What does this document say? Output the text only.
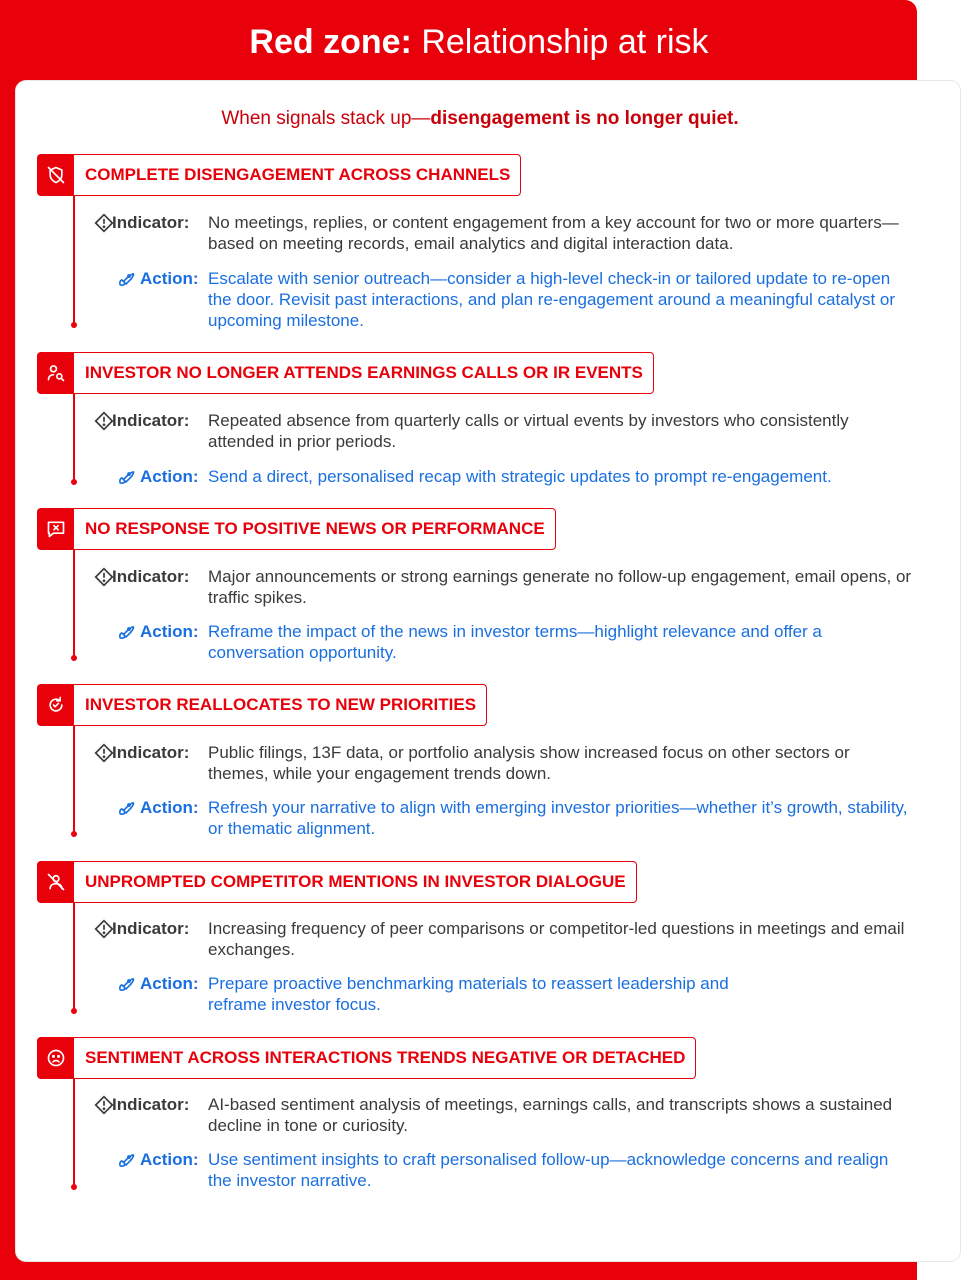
Red zone: Relationship at risk
When signals stack up—disengagement is no longer quiet.
COMPLETE DISENGAGEMENT ACROSS CHANNELS
Indicator:	No meetings, replies, or content engagement from a key account for two or more quarters—based on meeting records, email analytics and digital interaction data.
Action: Escalate with senior outreach—consider a high-level check-in or tailored update to re-open the door. Revisit past interactions, and plan re-engagement around a meaningful catalyst or upcoming milestone.
INVESTOR NO LONGER ATTENDS EARNINGS CALLS OR IR EVENTS
Indicator:	Repeated absence from quarterly calls or virtual events by investors who consistently attended in prior periods.
Action: Send a direct, personalised recap with strategic updates to prompt re-engagement.
NO RESPONSE TO POSITIVE NEWS OR PERFORMANCE
Indicator:	Major announcements or strong earnings generate no follow-up engagement, email opens, or traffic spikes.
Action: Reframe the impact of the news in investor terms—highlight relevance and offer a conversation opportunity.
INVESTOR REALLOCATES TO NEW PRIORITIES
Indicator:	Public filings, 13F data, or portfolio analysis show increased focus on other sectors or themes, while your engagement trends down.
Action: Refresh your narrative to align with emerging investor priorities—whether it’s growth, stability, or thematic alignment.
UNPROMPTED COMPETITOR MENTIONS IN INVESTOR DIALOGUE
Indicator:	Increasing frequency of peer comparisons or competitor-led questions in meetings and email exchanges.
Action: Prepare proactive benchmarking materials to reassert leadership and reframe investor focus.
SENTIMENT ACROSS INTERACTIONS TRENDS NEGATIVE OR DETACHED
Indicator:	AI-based sentiment analysis of meetings, earnings calls, and transcripts shows a sustained decline in tone or curiosity.
Action: Use sentiment insights to craft personalised follow-up—acknowledge concerns and realign the investor narrative.
